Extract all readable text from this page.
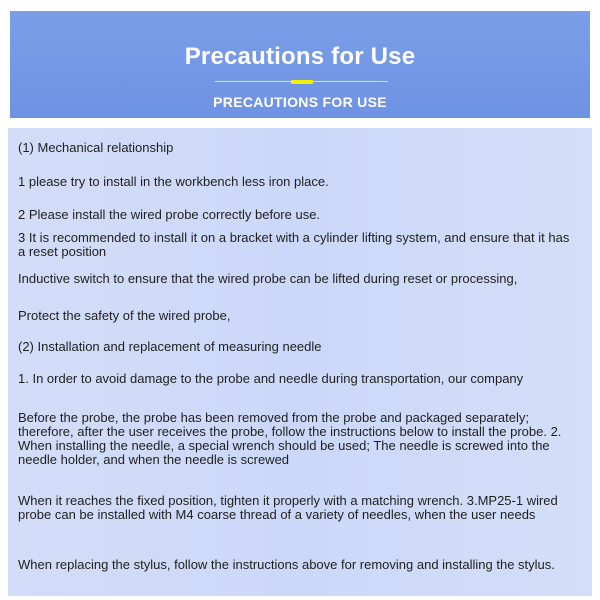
Precautions for Use
PRECAUTIONS FOR USE
(1) Mechanical relationship
1 please try to install in the workbench less iron place.
2 Please install the wired probe correctly before use.
3 It is recommended to install it on a bracket with a cylinder lifting system, and ensure that it has a reset position
Inductive switch to ensure that the wired probe can be lifted during reset or processing,
Protect the safety of the wired probe,
(2) Installation and replacement of measuring needle
1. In order to avoid damage to the probe and needle during transportation, our company
Before the probe, the probe has been removed from the probe and packaged separately; therefore, after the user receives the probe, follow the instructions below to install the probe. 2. When installing the needle, a special wrench should be used; The needle is screwed into the needle holder, and when the needle is screwed
When it reaches the fixed position, tighten it properly with a matching wrench. 3.MP25-1 wired probe can be installed with M4 coarse thread of a variety of needles, when the user needs
When replacing the stylus, follow the instructions above for removing and installing the stylus.
